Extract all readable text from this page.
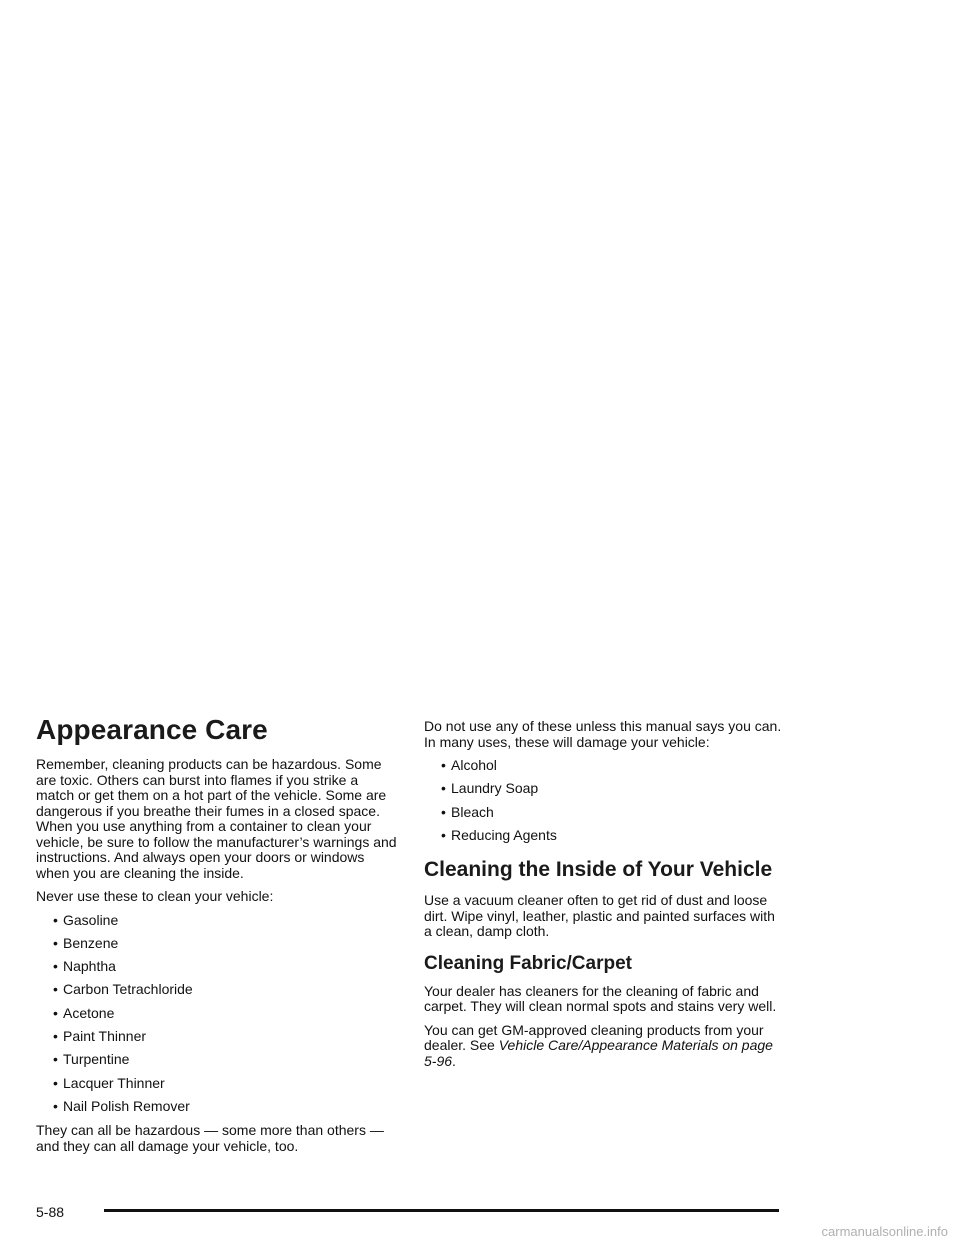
Appearance Care

Remember, cleaning products can be hazardous. Some are toxic. Others can burst into flames if you strike a match or get them on a hot part of the vehicle. Some are dangerous if you breathe their fumes in a closed space. When you use anything from a container to clean your vehicle, be sure to follow the manufacturer’s warnings and instructions. And always open your doors or windows when you are cleaning the inside.

Never use these to clean your vehicle:

• Gasoline
• Benzene
• Naphtha
• Carbon Tetrachloride
• Acetone
• Paint Thinner
• Turpentine
• Lacquer Thinner
• Nail Polish Remover

They can all be hazardous — some more than others — and they can all damage your vehicle, too.

Do not use any of these unless this manual says you can. In many uses, these will damage your vehicle:

• Alcohol
• Laundry Soap
• Bleach
• Reducing Agents
Cleaning the Inside of Your Vehicle

Use a vacuum cleaner often to get rid of dust and loose dirt. Wipe vinyl, leather, plastic and painted surfaces with a clean, damp cloth.

Cleaning Fabric/Carpet

Your dealer has cleaners for the cleaning of fabric and carpet. They will clean normal spots and stains very well.

You can get GM-approved cleaning products from your dealer. See Vehicle Care/Appearance Materials on page 5-96.

5-88
carmanualsonline.info
